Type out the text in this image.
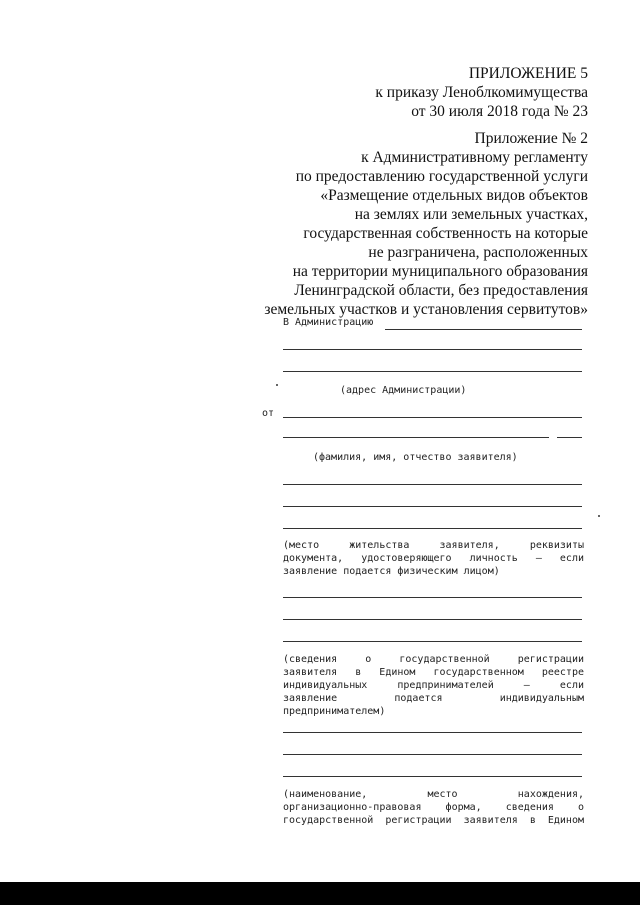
ПРИЛОЖЕНИЕ 5
к приказу Леноблкомимущества
от 30 июля 2018 года № 23
Приложение № 2
к Административному регламенту
по предоставлению государственной услуги
«Размещение отдельных видов объектов
на землях или земельных участках,
государственная собственность на которые
не разграничена, расположенных
на территории муниципального образования
Ленинградской области, без предоставления
земельных участков и установления сервитутов»
В Администрацию
(адрес Администрации)
от
(фамилия, имя, отчество заявителя)
(место жительства заявителя, реквизиты
документа, удостоверяющего личность – если
заявление подается физическим лицом)
(сведения о государственной регистрации
заявителя в Едином государственном реестре
индивидуальных предпринимателей – если
заявление подается индивидуальным
предпринимателем)
(наименование, место нахождения,
организационно-правовая форма, сведения о
государственной регистрации заявителя в Едином
